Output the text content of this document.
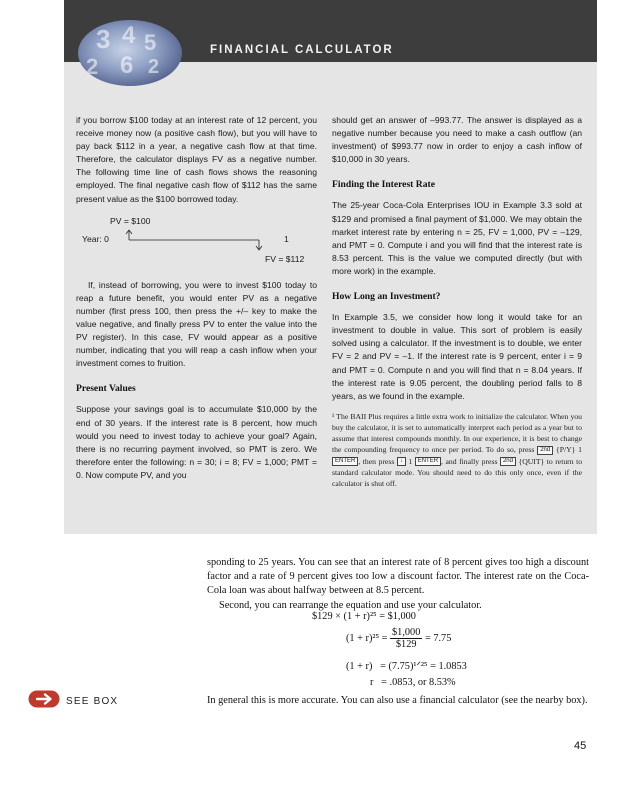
3 4 5
2 6 2
FINANCIAL CALCULATOR

if you borrow $100 today at an interest rate of 12 percent, you receive money now (a positive cash flow), but you will have to pay back $112 in a year, a negative cash flow at that time. Therefore, the calculator displays FV as a negative number. The following time line of cash flows shows the reasoning employed. The final negative cash flow of $112 has the same present value as the $100 borrowed today.

PV = $100
Year: 0	1
FV = $112

If, instead of borrowing, you were to invest $100 today to reap a future benefit, you would enter PV as a negative number (first press 100, then press the +/– key to make the value negative, and finally press PV to enter the value into the PV register). In this case, FV would appear as a positive number, indicating that you will reap a cash inflow when your investment comes to fruition.

Present Values

Suppose your savings goal is to accumulate $10,000 by the end of 30 years. If the interest rate is 8 percent, how much would you need to invest today to achieve your goal? Again, there is no recurring payment involved, so PMT is zero. We therefore enter the following: n = 30; i = 8; FV = 1,000; PMT = 0. Now compute PV, and you

should get an answer of –993.77. The answer is displayed as a negative number because you need to make a cash outflow (an investment) of $993.77 now in order to enjoy a cash inflow of $10,000 in 30 years.

Finding the Interest Rate

The 25-year Coca-Cola Enterprises IOU in Example 3.3 sold at $129 and promised a final payment of $1,000. We may obtain the market interest rate by entering n = 25, FV = 1,000, PV = –129, and PMT = 0. Compute i and you will find that the interest rate is 8.53 percent. This is the value we computed directly (but with more work) in the example.

How Long an Investment?

In Example 3.5, we consider how long it would take for an investment to double in value. This sort of problem is easily solved using a calculator. If the investment is to double, we enter FV = 2 and PV = –1. If the interest rate is 9 percent, enter i = 9 and PMT = 0. Compute n and you will find that n = 8.04 years. If the interest rate is 9.05 percent, the doubling period falls to 8 years, as we found in the example.

¹ The BAII Plus requires a little extra work to initialize the calculator. When you buy the calculator, it is set to automatically interpret each period as a year but to assume that interest compounds monthly. In our experience, it is best to change the compounding frequency to once per period. To do so, press 2nd {P/Y} 1 ENTER , then press ↓ 1 ENTER , and finally press 2nd {QUIT} to return to standard calculator mode. You should need to do this only once, even if the calculator is shut off.

sponding to 25 years. You can see that an interest rate of 8 percent gives too high a discount factor and a rate of 9 percent gives too low a discount factor. The interest rate on the Coca-Cola loan was about halfway between at 8.5 percent.

Second, you can rearrange the equation and use your calculator.

$129 × (1 + r)²⁵ = $1,000
$(1 + r)^{25} = \frac{\$1,000}{\$129} = 7.75$
(1 + r)   = (7.75)¹ᐟ²⁵ = 1.0853
r   = .0853, or 8.53%

In general this is more accurate. You can also use a financial calculator (see the nearby box).

SEE BOX
45
